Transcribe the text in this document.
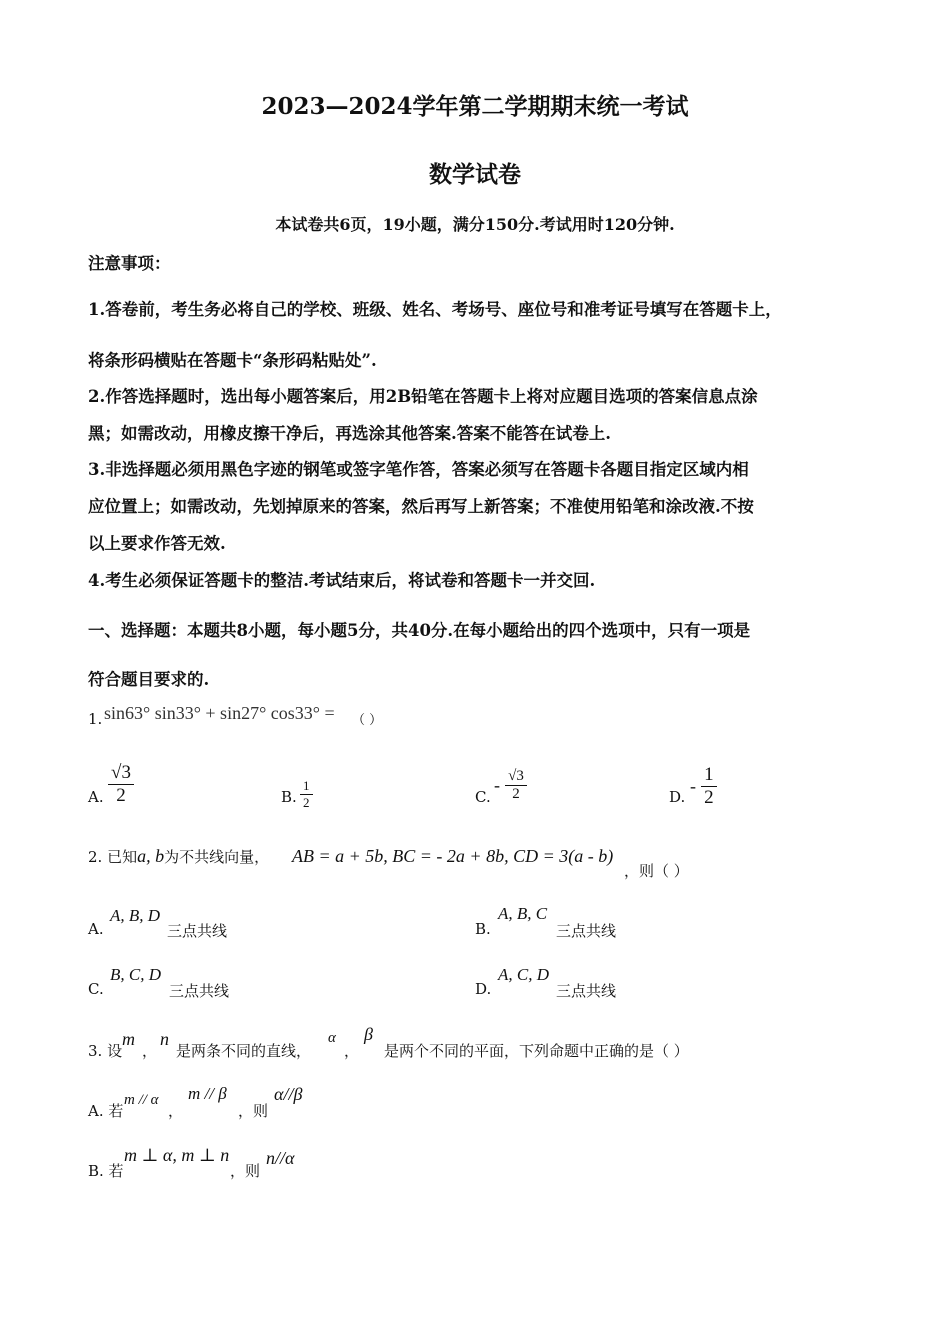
2023—2024学年第二学期期末统一考试
数学试卷
本试卷共6页，19小题，满分150分.考试用时120分钟.
注意事项：
1.答卷前，考生务必将自己的学校、班级、姓名、考场号、座位号和准考证号填写在答题卡上，
将条形码横贴在答题卡“条形码粘贴处”.
2.作答选择题时，选出每小题答案后，用2B铅笔在答题卡上将对应题目选项的答案信息点涂
黑；如需改动，用橡皮擦干净后，再选涂其他答案.答案不能答在试卷上.
3.非选择题必须用黑色字迹的钢笔或签字笔作答，答案必须写在答题卡各题目指定区域内相
应位置上；如需改动，先划掉原来的答案，然后再写上新答案；不准使用铅笔和涂改液.不按
以上要求作答无效.
4.考生必须保证答题卡的整洁.考试结束后，将试卷和答题卡一并交回.
一、选择题：本题共8小题，每小题5分，共40分.在每小题给出的四个选项中，只有一项是
符合题目要求的.
1. sin63° sin33° + sin27° cos33° = （ ）
A. $\frac{√3}{2}$	B. $\frac{1}{2}$	C.
- $\frac{√3}{2}$	D.
- $\frac{1}{2}$
2. 已知a, b为不共线向量， AB = a + 5b, BC = - 2a + 8b, CD = 3(a - b)
，则（ ）
A.
A, B, D
三点共线	B.
A, B, C
三点共线
C.
B, C, D
三点共线	D.
A, C, D
三点共线
3. 设
m
，
n
是两条不同的直线，
α
，
β
是两个不同的平面，下列命题中正确的是（ ）
A. 若
m // α
，
m // β
，则
α//β
B. 若
m ⊥ α, m ⊥ n
，则
n//α
